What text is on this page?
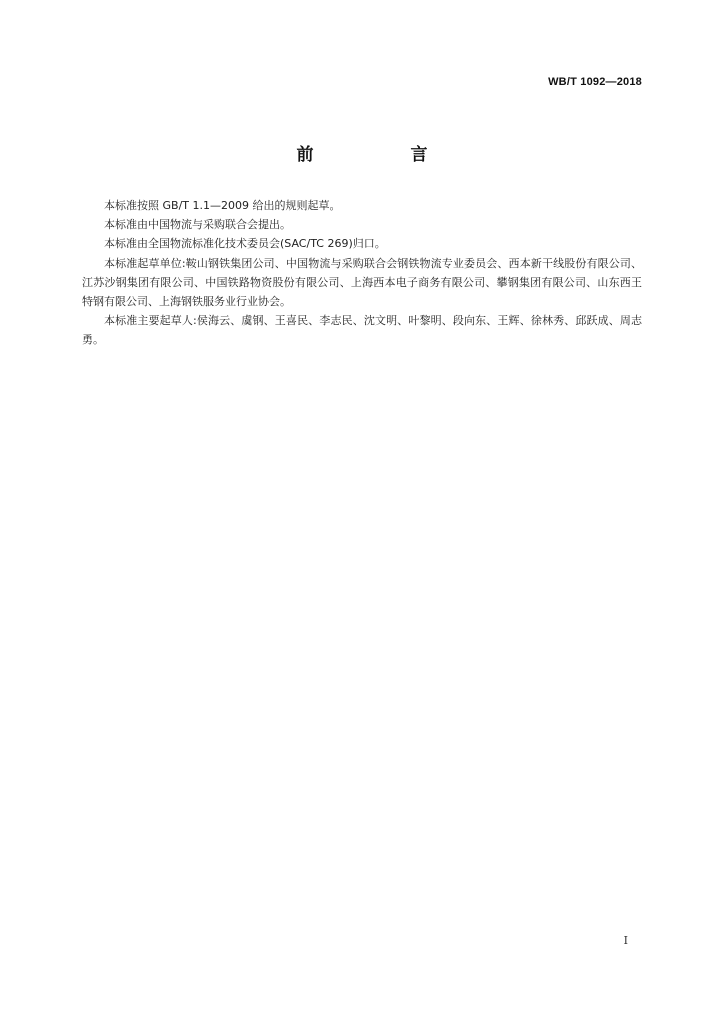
WB/T 1092—2018
前　言

本标准按照 GB/T 1.1—2009 给出的规则起草。

本标准由中国物流与采购联合会提出。

本标准由全国物流标准化技术委员会(SAC/TC 269)归口。

本标准起草单位:鞍山钢铁集团公司、中国物流与采购联合会钢铁物流专业委员会、西本新干线股份有限公司、江苏沙钢集团有限公司、中国铁路物资股份有限公司、上海西本电子商务有限公司、攀钢集团有限公司、山东西王特钢有限公司、上海钢铁服务业行业协会。

本标准主要起草人:侯海云、虞钢、王喜民、李志民、沈文明、叶黎明、段向东、王辉、徐林秀、邱跃成、周志勇。

I
